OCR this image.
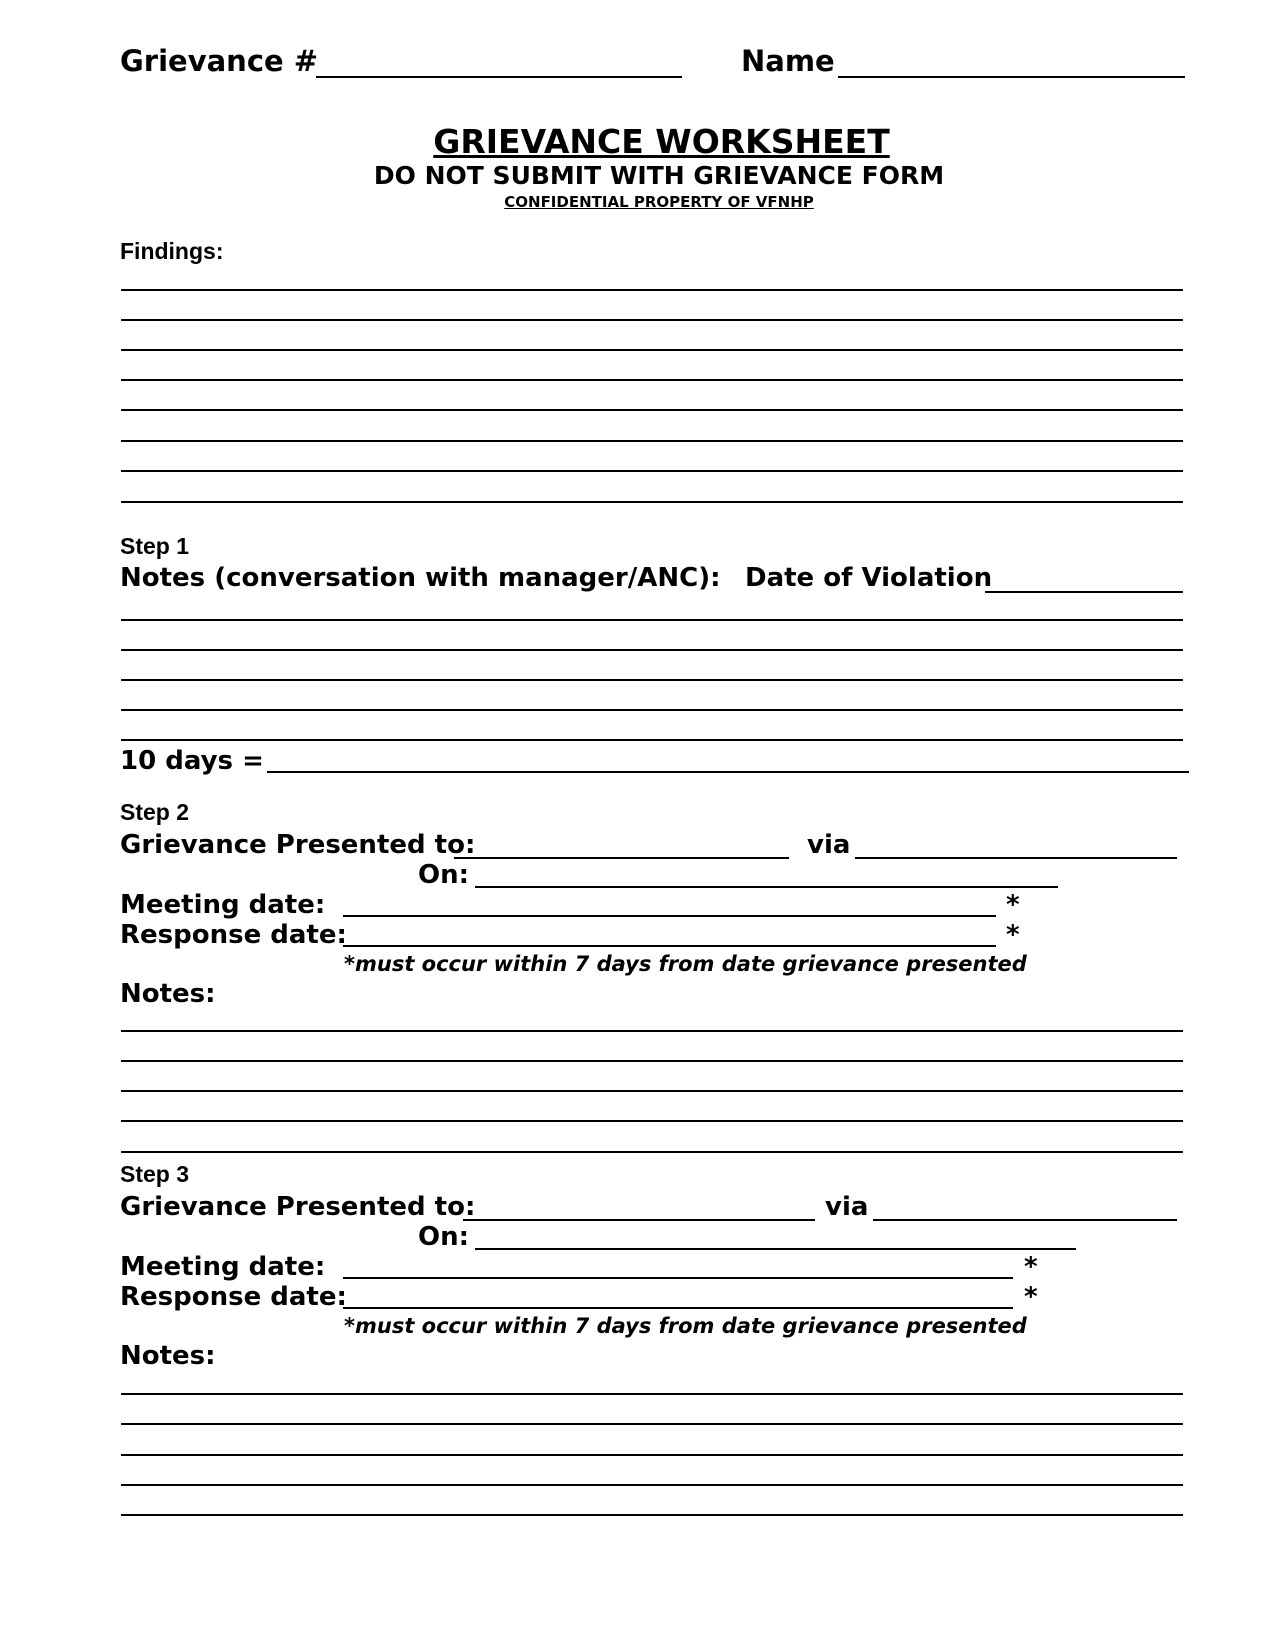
Grievance #	Name
GRIEVANCE WORKSHEET
DO NOT SUBMIT WITH GRIEVANCE FORM
CONFIDENTIAL PROPERTY OF VFNHP
Findings:
Step 1
Notes (conversation with manager/ANC): Date of Violation
10 days =
Step 2
Grievance Presented to:	via
On:
Meeting date:	*
Response date:	*
*must occur within 7 days from date grievance presented
Notes:
Step 3
Grievance Presented to:	via
On:
Meeting date:	*
Response date:	*
*must occur within 7 days from date grievance presented
Notes:
